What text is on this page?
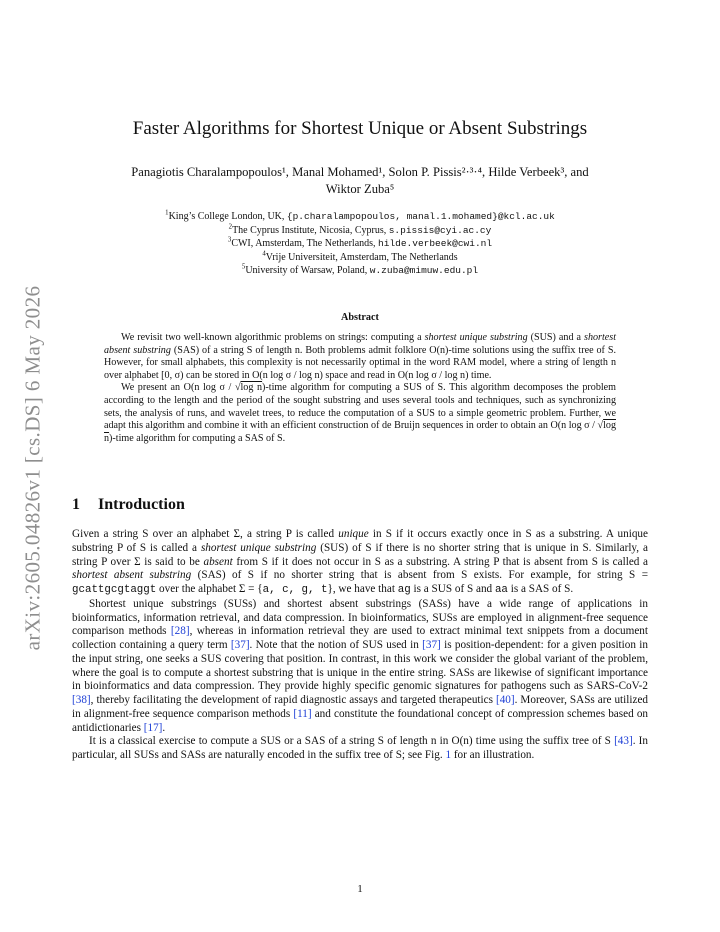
arXiv:2605.04826v1 [cs.DS] 6 May 2026
Faster Algorithms for Shortest Unique or Absent Substrings
Panagiotis Charalampopoulos¹, Manal Mohamed¹, Solon P. Pissis²·³·⁴, Hilde Verbeek³, and
Wiktor Zuba⁵
$^1$King’s College London, UK, {p.charalampopoulos, manal.1.mohamed}@kcl.ac.uk
$^2$The Cyprus Institute, Nicosia, Cyprus, s.pissis@cyi.ac.cy
$^3$CWI, Amsterdam, The Netherlands, hilde.verbeek@cwi.nl
$^4$Vrije Universiteit, Amsterdam, The Netherlands
$^5$University of Warsaw, Poland, w.zuba@mimuw.edu.pl
Abstract

We revisit two well-known algorithmic problems on strings: computing a shortest unique substring (SUS) and a shortest absent substring (SAS) of a string S of length n. Both problems admit folklore O(n)-time solutions using the suffix tree of S. However, for small alphabets, this complexity is not necessarily optimal in the word RAM model, where a string of length n over alphabet [0, σ) can be stored in O(n log σ / log n) space and read in O(n log σ / log n) time.

We present an O(n log σ / √log n)-time algorithm for computing a SUS of S. This algorithm decomposes the problem according to the length and the period of the sought substring and uses several tools and techniques, such as synchronizing sets, the analysis of runs, and wavelet trees, to reduce the computation of a SUS to a simple geometric problem. Further, we adapt this algorithm and combine it with an efficient construction of de Bruijn sequences in order to obtain an O(n log σ / √log n)-time algorithm for computing a SAS of S.

1 Introduction

Given a string S over an alphabet Σ, a string P is called unique in S if it occurs exactly once in S as a substring. A unique substring P of S is called a shortest unique substring (SUS) of S if there is no shorter string that is unique in S. Similarly, a string P over Σ is said to be absent from S if it does not occur in S as a substring. A string P that is absent from S is called a shortest absent substring (SAS) of S if no shorter string that is absent from S exists. For example, for string S = gcattgcgtaggt over the alphabet Σ = {a, c, g, t}, we have that ag is a SUS of S and aa is a SAS of S.

Shortest unique substrings (SUSs) and shortest absent substrings (SASs) have a wide range of applications in bioinformatics, information retrieval, and data compression. In bioinformatics, SUSs are employed in alignment-free sequence comparison methods [28], whereas in information retrieval they are used to extract minimal text snippets from a document collection containing a query term [37]. Note that the notion of SUS used in [37] is position-dependent: for a given position in the input string, one seeks a SUS covering that position. In contrast, in this work we consider the global variant of the problem, where the goal is to compute a shortest substring that is unique in the entire string. SASs are likewise of significant importance in bioinformatics and data compression. They provide highly specific genomic signatures for pathogens such as SARS-CoV-2 [38], thereby facilitating the development of rapid diagnostic assays and targeted therapeutics [40]. Moreover, SASs are utilized in alignment-free sequence comparison methods [11] and constitute the foundational concept of compression schemes based on antidictionaries [17].

It is a classical exercise to compute a SUS or a SAS of a string S of length n in O(n) time using the suffix tree of S [43]. In particular, all SUSs and SASs are naturally encoded in the suffix tree of S; see Fig. 1 for an illustration.

1
